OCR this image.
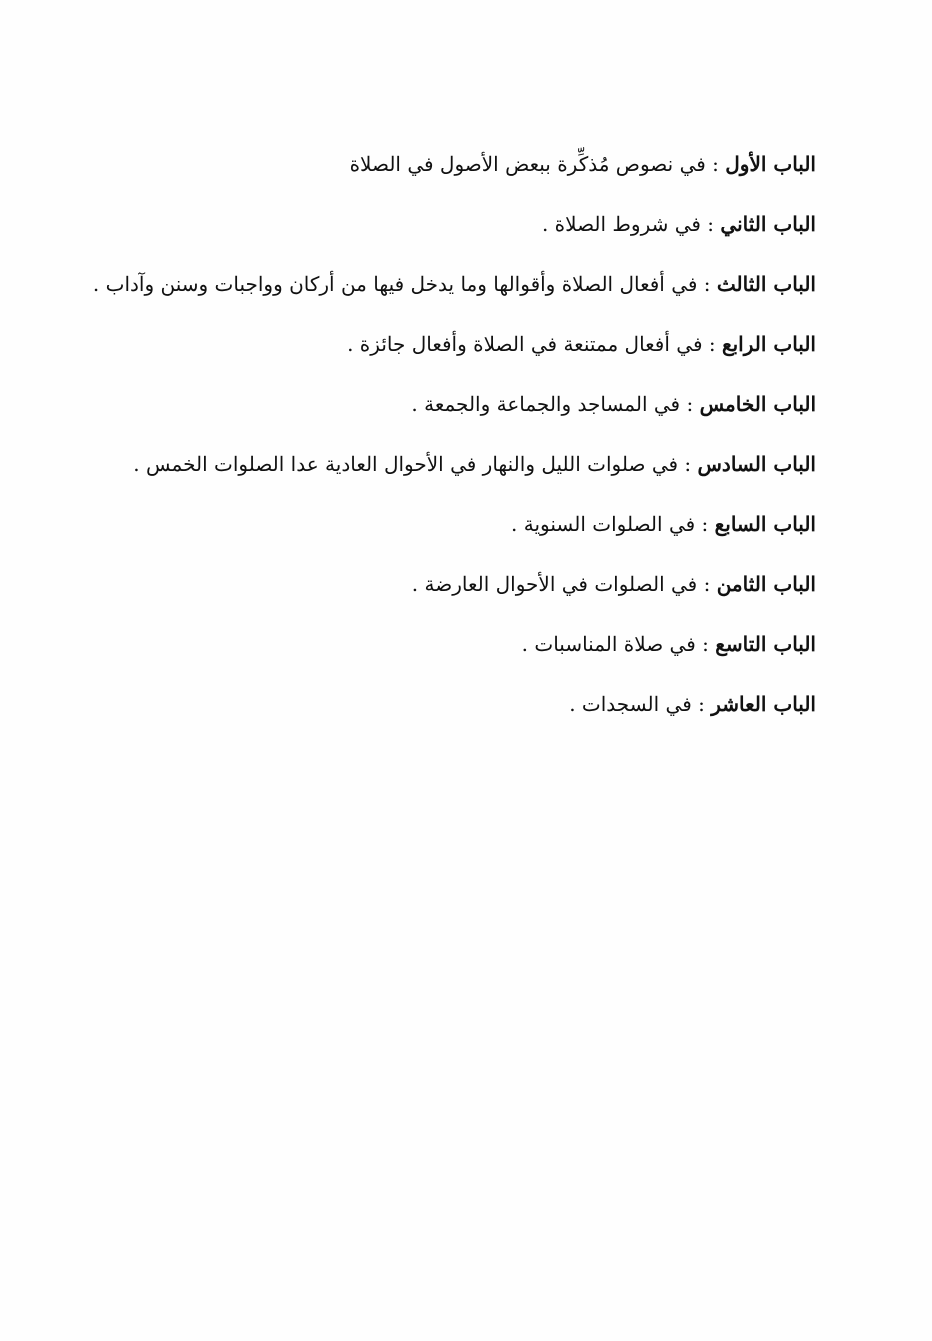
الباب الأول : في نصوص مُذكِّرة ببعض الأصول في الصلاة
الباب الثاني : في شروط الصلاة .
الباب الثالث : في أفعال الصلاة وأقوالها وما يدخل فيها من أركان وواجبات وسنن وآداب .
الباب الرابع : في أفعال ممتنعة في الصلاة وأفعال جائزة .
الباب الخامس : في المساجد والجماعة والجمعة .
الباب السادس : في صلوات الليل والنهار في الأحوال العادية عدا الصلوات الخمس .
الباب السابع : في الصلوات السنوية .
الباب الثامن : في الصلوات في الأحوال العارضة .
الباب التاسع : في صلاة المناسبات .
الباب العاشر : في السجدات .
